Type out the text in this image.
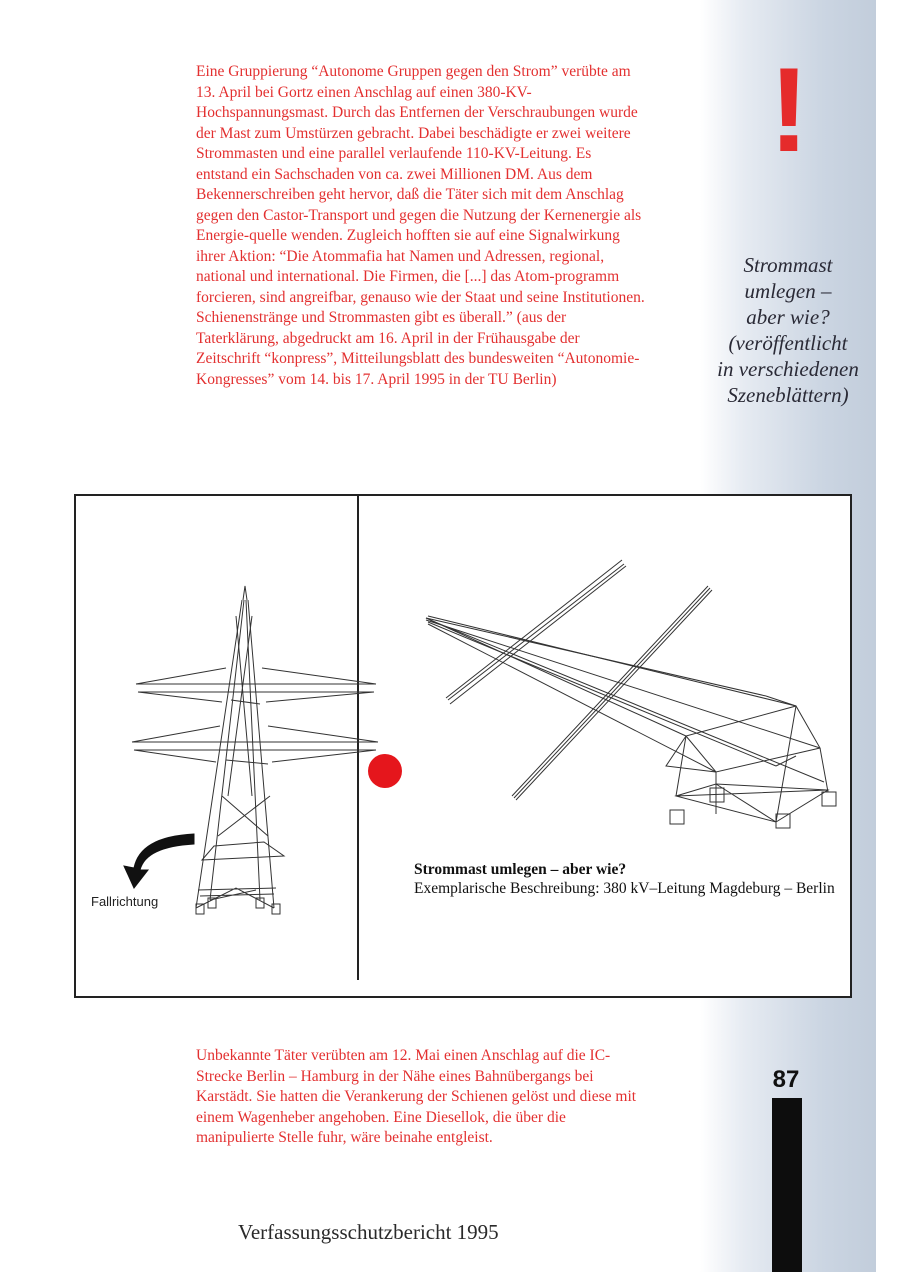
!
Strommast
umlegen –
aber wie?
(veröffentlicht
in verschiedenen
Szeneblättern)
Eine Gruppierung “Autonome Gruppen gegen den Strom” verübte am 13. April bei Gortz einen Anschlag auf einen 380-KV-Hochspannungsmast. Durch das Entfernen der Verschraubungen wurde der Mast zum Umstürzen gebracht. Dabei beschädigte er zwei weitere Strommasten und eine parallel verlaufende 110-KV-Leitung. Es entstand ein Sachschaden von ca. zwei Millionen DM. Aus dem Bekennerschreiben geht hervor, daß die Täter sich mit dem Anschlag gegen den Castor-Transport und gegen die Nutzung der Kernenergie als Energie-quelle wenden. Zugleich hofften sie auf eine Signalwirkung ihrer Aktion: “Die Atommafia hat Namen und Adressen, regional, national und international. Die Firmen, die [...] das Atom-programm forcieren, sind angreifbar, genauso wie der Staat und seine Institutionen. Schienenstränge und Strommasten gibt es überall.” (aus der Taterklärung, abgedruckt am 16. April in der Frühausgabe der Zeitschrift “konpress”, Mitteilungsblatt des bundesweiten “Autonomie-Kongresses” vom 14. bis 17. April 1995 in der TU Berlin)
Fallrichtung
Strommast umlegen – aber wie?
Exemplarische Beschreibung: 380 kV–Leitung Magdeburg – Berlin
Unbekannte Täter verübten am 12. Mai einen Anschlag auf die IC-Strecke Berlin – Hamburg in der Nähe eines Bahnübergangs bei Karstädt. Sie hatten die Verankerung der Schienen gelöst und diese mit einem Wagenheber angehoben. Eine Diesellok, die über die manipulierte Stelle fuhr, wäre beinahe entgleist.
87
Verfassungsschutzbericht 1995
